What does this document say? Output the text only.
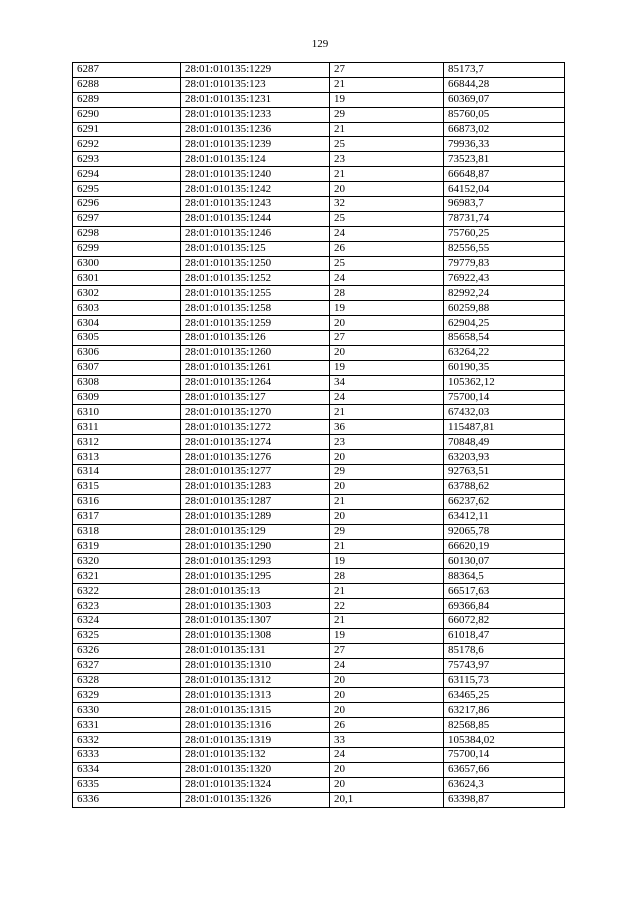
129
6287	28:01:010135:1229	27	85173,7
6288	28:01:010135:123	21	66844,28
6289	28:01:010135:1231	19	60369,07
6290	28:01:010135:1233	29	85760,05
6291	28:01:010135:1236	21	66873,02
6292	28:01:010135:1239	25	79936,33
6293	28:01:010135:124	23	73523,81
6294	28:01:010135:1240	21	66648,87
6295	28:01:010135:1242	20	64152,04
6296	28:01:010135:1243	32	96983,7
6297	28:01:010135:1244	25	78731,74
6298	28:01:010135:1246	24	75760,25
6299	28:01:010135:125	26	82556,55
6300	28:01:010135:1250	25	79779,83
6301	28:01:010135:1252	24	76922,43
6302	28:01:010135:1255	28	82992,24
6303	28:01:010135:1258	19	60259,88
6304	28:01:010135:1259	20	62904,25
6305	28:01:010135:126	27	85658,54
6306	28:01:010135:1260	20	63264,22
6307	28:01:010135:1261	19	60190,35
6308	28:01:010135:1264	34	105362,12
6309	28:01:010135:127	24	75700,14
6310	28:01:010135:1270	21	67432,03
6311	28:01:010135:1272	36	115487,81
6312	28:01:010135:1274	23	70848,49
6313	28:01:010135:1276	20	63203,93
6314	28:01:010135:1277	29	92763,51
6315	28:01:010135:1283	20	63788,62
6316	28:01:010135:1287	21	66237,62
6317	28:01:010135:1289	20	63412,11
6318	28:01:010135:129	29	92065,78
6319	28:01:010135:1290	21	66620,19
6320	28:01:010135:1293	19	60130,07
6321	28:01:010135:1295	28	88364,5
6322	28:01:010135:13	21	66517,63
6323	28:01:010135:1303	22	69366,84
6324	28:01:010135:1307	21	66072,82
6325	28:01:010135:1308	19	61018,47
6326	28:01:010135:131	27	85178,6
6327	28:01:010135:1310	24	75743,97
6328	28:01:010135:1312	20	63115,73
6329	28:01:010135:1313	20	63465,25
6330	28:01:010135:1315	20	63217,86
6331	28:01:010135:1316	26	82568,85
6332	28:01:010135:1319	33	105384,02
6333	28:01:010135:132	24	75700,14
6334	28:01:010135:1320	20	63657,66
6335	28:01:010135:1324	20	63624,3
6336	28:01:010135:1326	20,1	63398,87
